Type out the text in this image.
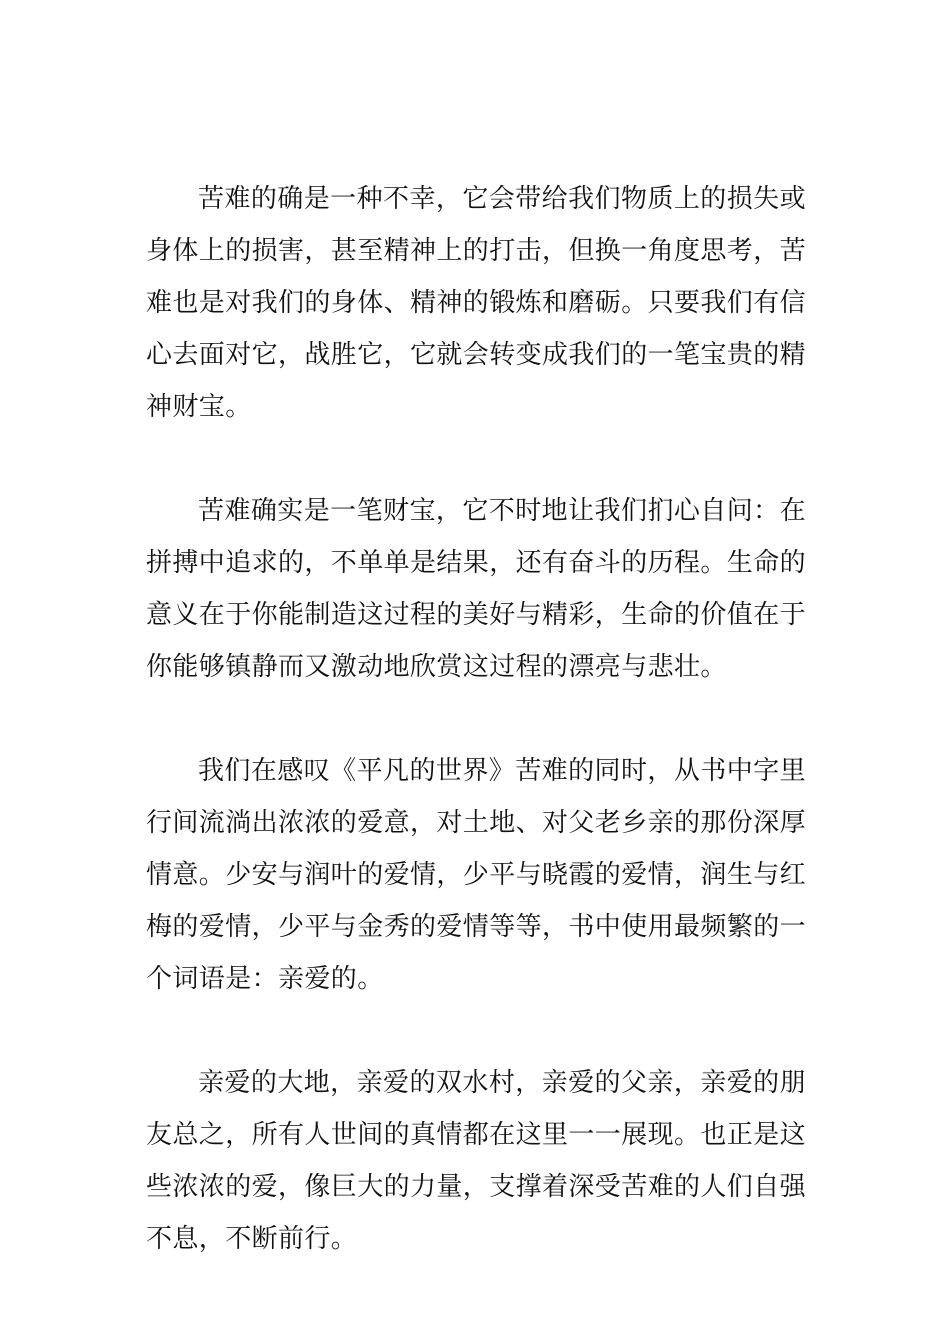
苦难的确是一种不幸，它会带给我们物质上的损失或身体上的损害，甚至精神上的打击，但换一角度思考，苦难也是对我们的身体、精神的锻炼和磨砺。只要我们有信心去面对它，战胜它，它就会转变成我们的一笔宝贵的精神财宝。

苦难确实是一笔财宝，它不时地让我们扪心自问：在拼搏中追求的，不单单是结果，还有奋斗的历程。生命的意义在于你能制造这过程的美好与精彩，生命的价值在于你能够镇静而又激动地欣赏这过程的漂亮与悲壮。

我们在感叹《平凡的世界》苦难的同时，从书中字里行间流淌出浓浓的爱意，对土地、对父老乡亲的那份深厚情意。少安与润叶的爱情，少平与晓霞的爱情，润生与红梅的爱情，少平与金秀的爱情等等，书中使用最频繁的一个词语是：亲爱的。

亲爱的大地，亲爱的双水村，亲爱的父亲，亲爱的朋友总之，所有人世间的真情都在这里一一展现。也正是这些浓浓的爱，像巨大的力量，支撑着深受苦难的人们自强不息，不断前行。
